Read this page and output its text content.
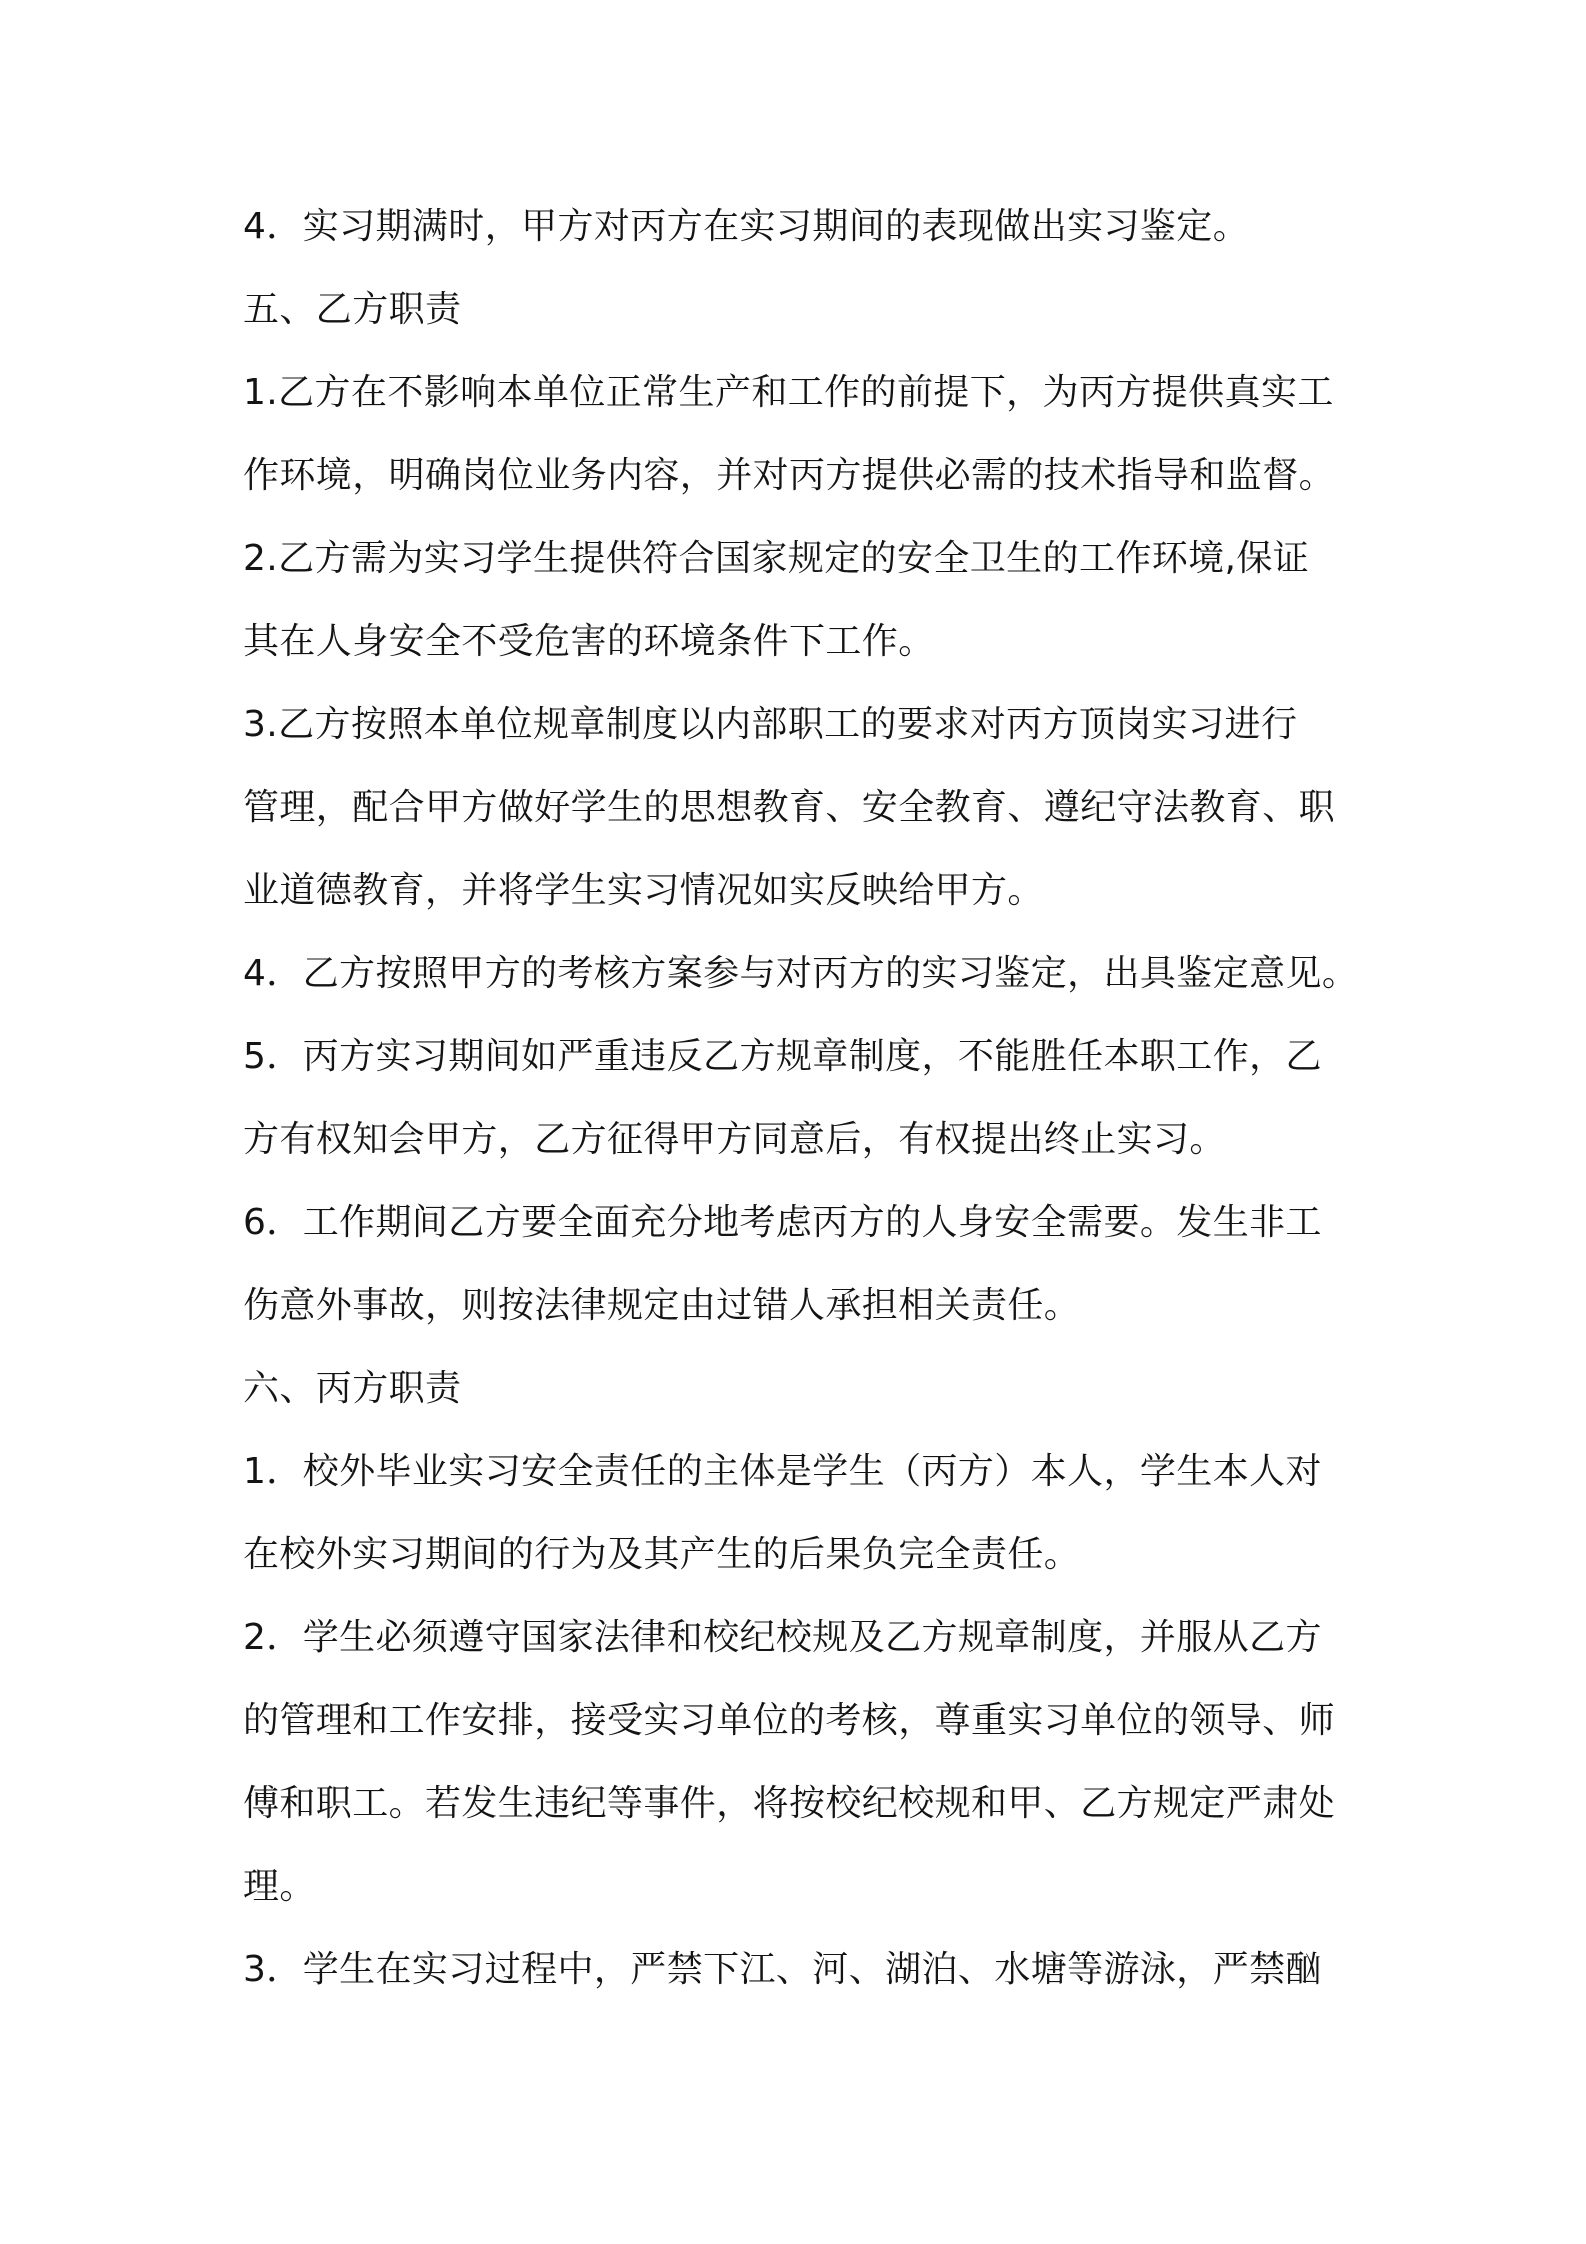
4．实习期满时，甲方对丙方在实习期间的表现做出实习鉴定。
五、乙方职责
1.乙方在不影响本单位正常生产和工作的前提下，为丙方提供真实工
作环境，明确岗位业务内容，并对丙方提供必需的技术指导和监督。
2.乙方需为实习学生提供符合国家规定的安全卫生的工作环境,保证
其在人身安全不受危害的环境条件下工作。
3.乙方按照本单位规章制度以内部职工的要求对丙方顶岗实习进行
管理，配合甲方做好学生的思想教育、安全教育、遵纪守法教育、职
业道德教育，并将学生实习情况如实反映给甲方。
4．乙方按照甲方的考核方案参与对丙方的实习鉴定，出具鉴定意见。
5．丙方实习期间如严重违反乙方规章制度，不能胜任本职工作，乙
方有权知会甲方，乙方征得甲方同意后，有权提出终止实习。
6．工作期间乙方要全面充分地考虑丙方的人身安全需要。发生非工
伤意外事故，则按法律规定由过错人承担相关责任。
六、丙方职责
1．校外毕业实习安全责任的主体是学生（丙方）本人，学生本人对
在校外实习期间的行为及其产生的后果负完全责任。
2．学生必须遵守国家法律和校纪校规及乙方规章制度，并服从乙方
的管理和工作安排，接受实习单位的考核，尊重实习单位的领导、师
傅和职工。若发生违纪等事件，将按校纪校规和甲、乙方规定严肃处
理。
3．学生在实习过程中，严禁下江、河、湖泊、水塘等游泳，严禁酗
